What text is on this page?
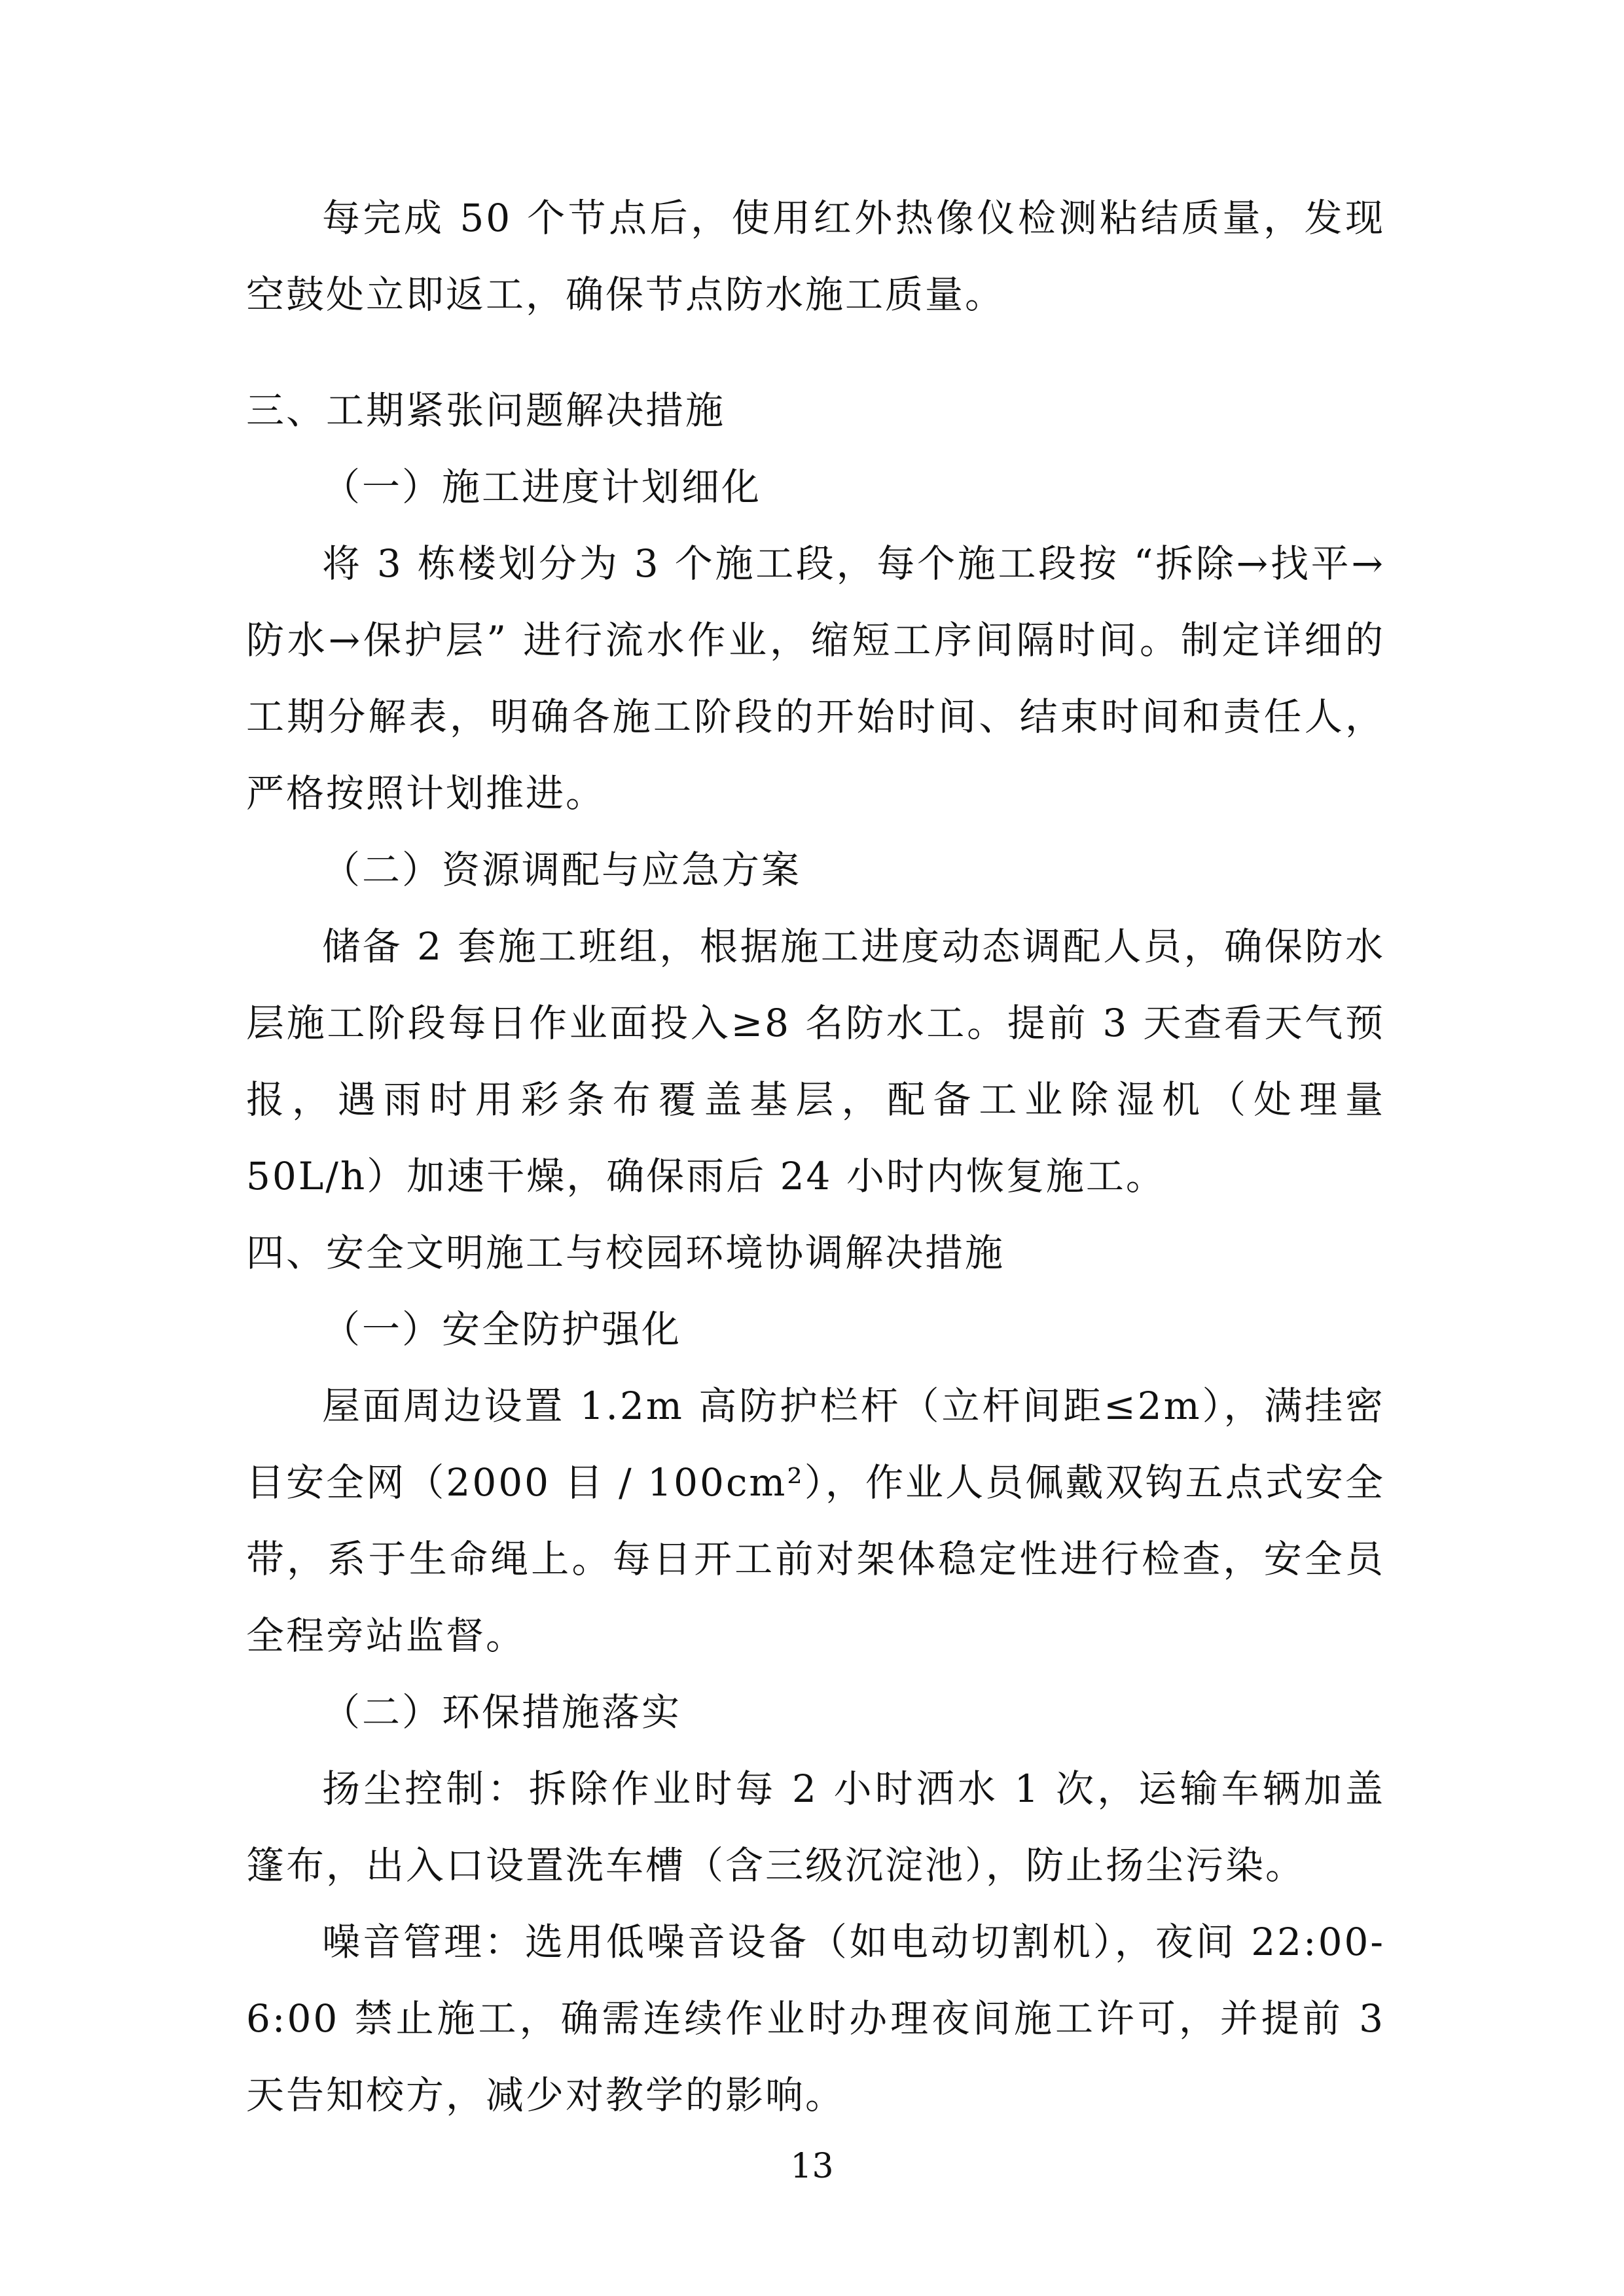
每完成 50 个节点后，使用红外热像仪检测粘结质量，发现空鼓处立即返工，确保节点防水施工质量。

三、工期紧张问题解决措施

（一）施工进度计划细化

将 3 栋楼划分为 3 个施工段，每个施工段按 “拆除→找平→防水→保护层” 进行流水作业，缩短工序间隔时间。制定详细的工期分解表，明确各施工阶段的开始时间、结束时间和责任人，严格按照计划推进。

（二）资源调配与应急方案

储备 2 套施工班组，根据施工进度动态调配人员，确保防水层施工阶段每日作业面投入≥8 名防水工。提前 3 天查看天气预报，遇雨时用彩条布覆盖基层，配备工业除湿机（处理量 50L/h）加速干燥，确保雨后 24 小时内恢复施工。

四、安全文明施工与校园环境协调解决措施

（一）安全防护强化

屋面周边设置 1.2m 高防护栏杆（立杆间距≤2m），满挂密目安全网（2000 目 / 100cm²），作业人员佩戴双钩五点式安全带，系于生命绳上。每日开工前对架体稳定性进行检查，安全员全程旁站监督。

（二）环保措施落实

扬尘控制：拆除作业时每 2 小时洒水 1 次，运输车辆加盖篷布，出入口设置洗车槽（含三级沉淀池），防止扬尘污染。

噪音管理：选用低噪音设备（如电动切割机），夜间 22:00-6:00 禁止施工，确需连续作业时办理夜间施工许可，并提前 3 天告知校方，减少对教学的影响。

13
